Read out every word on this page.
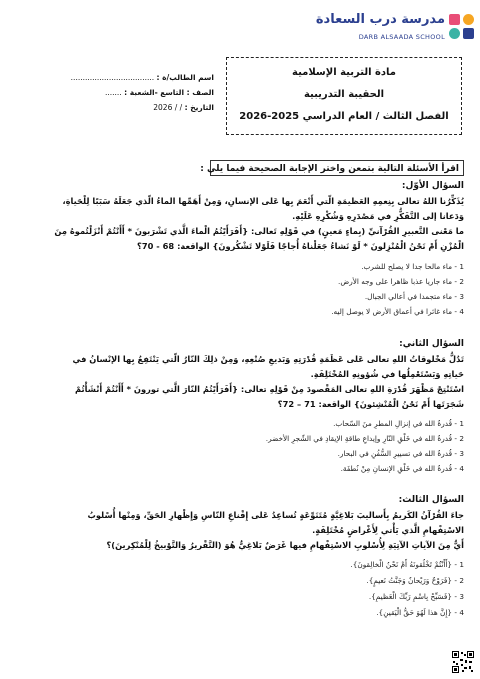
مدرسة درب السعادة
DARB ALSAADA SCHOOL
اسم الطالب/ة : ...................................
الصف : التاسع -الشعبة : .......
التاريخ : / / 2026
مادة التربية الإسلامية
الحقيبة التدريبية
الفصل الثالث / العام الدراسي 2025-2026
اقرأ الأسئلة التالية بتمعن واختر الإجابة الصحيحة فيما يلي :
السؤال الأوّل:
يُذَكِّرُنا اللهُ تعالى بِنِعمِهِ العَظيمَةِ الّتي أَنْعَمَ بِها عَلى الإنسانِ، وَمِنْ أَهَمِّها الماءُ الّذي جَعَلَهُ سَبَبًا لِلْحَياةِ،
وَدَعانا إلى التَّفَكُّرِ في مَصْدَرِهِ وَشُكْرِهِ عَلَيْهِ.
ما مَعْنى التَّعبيرِ القُرْآنيِّ (بِماءٍ مَعينٍ) في قَوْلِهِ تَعالى: {أَفَرَأَيْتُمُ الْماءَ الَّذي تَشْرَبونَ * أَأَنْتُمْ أَنْزَلْتُموهُ مِنَ
الْمُزْنِ أَمْ نَحْنُ الْمُنْزِلونَ * لَوْ نَشاءُ جَعَلْناهُ أُجاجًا فَلَوْلا تَشْكُرونَ} الواقعة: 68 - 70؟
1 - ماء مالحا جدا لا يصلح للشرب.
2 - ماء جاريا عذبا ظاهرا على وجه الأرض.
3 - ماء متجمدا في أعالي الجبال.
4 - ماء غائرا في أعماق الأرض لا يوصل إليه.
السؤال الثاني:
تَدُلُّ مَخْلوقاتُ اللهِ تعالى عَلى عَظَمَةِ قُدْرَتِهِ وَبَديعِ صُنْعِهِ، وَمِنْ ذلِكَ النّارُ الّتي يَنْتَفِعُ بِها الإنْسانُ في
حَياتِهِ وَيَسْتَعْمِلُها في شُؤونِهِ المُخْتَلِفَةِ.
اسْتَنْتِجْ مَظْهَرَ قُدْرَةِ اللهِ تعالى المَقْصودَ مِنْ قَوْلِهِ تعالى: {أَفَرَأَيْتُمُ النّارَ الَّتي تورونَ * أَأَنْتُمْ أَنْشَأْتُمْ
شَجَرَتَها أَمْ نَحْنُ الْمُنْشِئونَ} الواقعة: 71 – 72؟
1 - قُدرةُ الله في إنزالِ المطرِ منَ السّحاب.
2 - قُدرةُ الله في خَلْقِ النّارِ وإيداعِ طاقةِ الإيقادِ في الشّجرِ الأخضر.
3 - قُدرةُ الله في تسييرِ السُّفُنِ في البحار.
4 - قُدرةُ الله في خَلْقِ الإنسانِ مِنْ نُطفَة.
السؤال الثالث:
جاءَ القُرْآنُ الكَريمُ بِأَساليبَ بَلاغِيَّةٍ مُتَنَوِّعَةٍ تُساعِدُ عَلى إِقْناعِ النّاسِ وَإِظْهارِ الحَقِّ، وَمِنْها أُسْلوبُ
الاسْتِفْهامِ الَّذي يَأْتي لِأَغْراضٍ مُخْتَلِفَةٍ.
أَيٌّ مِنَ الآياتِ الآتِيَةِ لِأُسْلوبِ الاسْتِفْهامِ فيها غَرَضٌ بَلاغِيٌّ هُوَ (التَّقْريرُ وَالتَّوْبيخُ لِلْمُنْكِرينَ)؟
1 - {أَأَنْتُمْ تَخْلُقونَهُ أَمْ نَحْنُ الْخالِقونَ}.
2 - {فَرَوْحٌ وَرَيْحانٌ وَجَنَّتُ نَعيمٍ}.
3 - {فَسَبِّحْ بِاسْمِ رَبِّكَ الْعَظيمِ}.
4 - {إِنَّ هذا لَهُوَ حَقُّ الْيَقينِ}.
